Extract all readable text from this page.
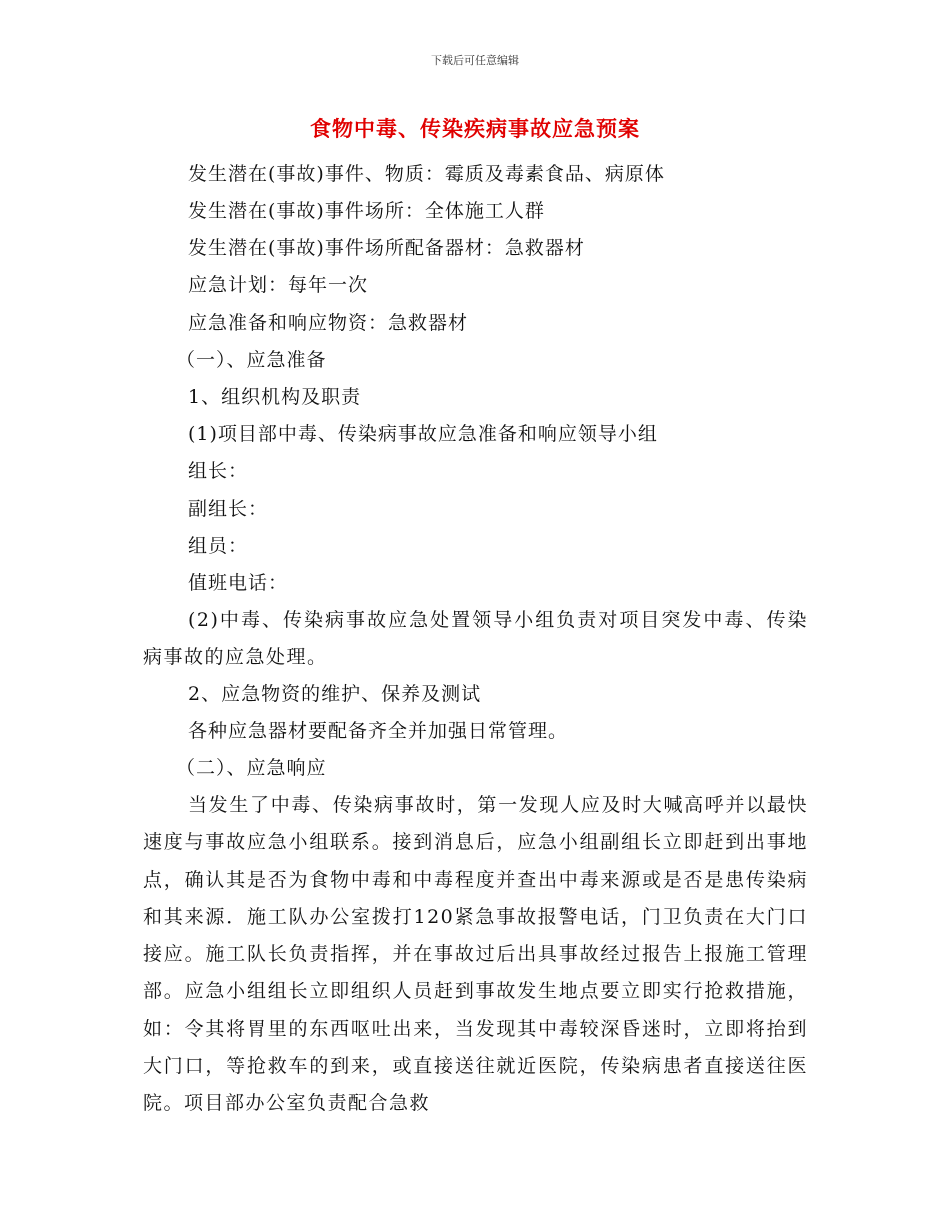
下载后可任意编辑
食物中毒、传染疾病事故应急预案
发生潜在(事故)事件、物质：霉质及毒素食品、病原体
发生潜在(事故)事件场所：全体施工人群
发生潜在(事故)事件场所配备器材：急救器材
应急计划：每年一次
应急准备和响应物资：急救器材
（一）、应急准备
1、组织机构及职责
(1)项目部中毒、传染病事故应急准备和响应领导小组
组长：
副组长：
组员：
值班电话：

(2)中毒、传染病事故应急处置领导小组负责对项目突发中毒、传染病事故的应急处理。

2、应急物资的维护、保养及测试
各种应急器材要配备齐全并加强日常管理。
（二）、应急响应

当发生了中毒、传染病事故时，第一发现人应及时大喊高呼并以最快速度与事故应急小组联系。接到消息后，应急小组副组长立即赶到出事地点，确认其是否为食物中毒和中毒程度并查出中毒来源或是否是患传染病和其来源．施工队办公室拨打120紧急事故报警电话，门卫负责在大门口接应。施工队长负责指挥，并在事故过后出具事故经过报告上报施工管理部。应急小组组长立即组织人员赶到事故发生地点要立即实行抢救措施，如：令其将胃里的东西呕吐出来，当发现其中毒较深昏迷时，立即将抬到大门口，等抢救车的到来，或直接送往就近医院，传染病患者直接送往医院。项目部办公室负责配合急救
